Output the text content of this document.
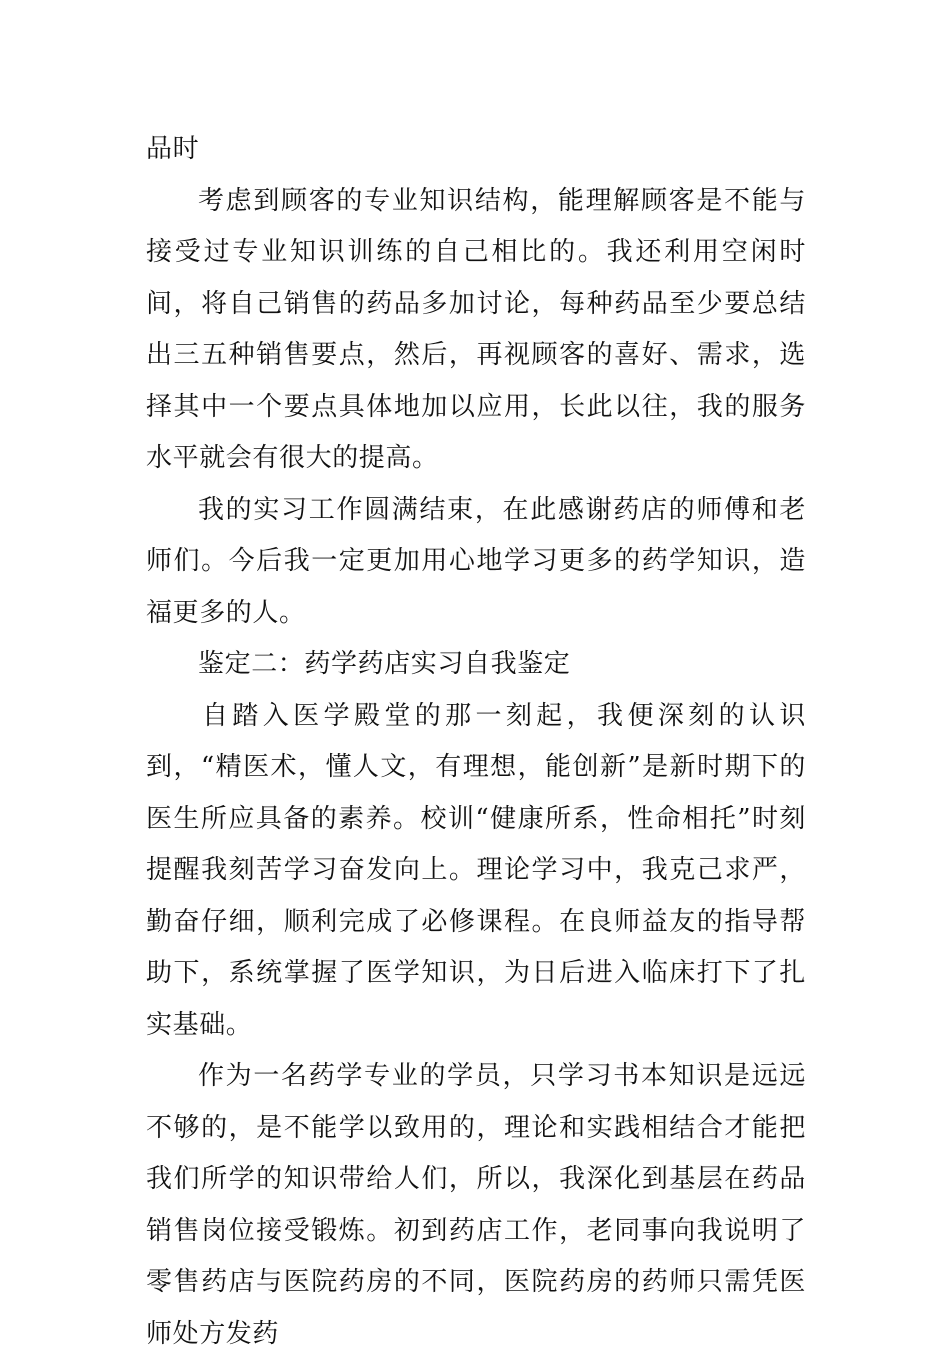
品时

考虑到顾客的专业知识结构，能理解顾客是不能与接受过专业知识训练的自己相比的。我还利用空闲时间，将自己销售的药品多加讨论，每种药品至少要总结出三五种销售要点，然后，再视顾客的喜好、需求，选择其中一个要点具体地加以应用，长此以往，我的服务水平就会有很大的提高。

我的实习工作圆满结束，在此感谢药店的师傅和老师们。今后我一定更加用心地学习更多的药学知识，造福更多的人。

鉴定二：药学药店实习自我鉴定

自踏入医学殿堂的那一刻起，我便深刻的认识到，“精医术，懂人文，有理想，能创新”是新时期下的医生所应具备的素养。校训“健康所系，性命相托”时刻提醒我刻苦学习奋发向上。理论学习中，我克己求严，勤奋仔细，顺利完成了必修课程。在良师益友的指导帮助下，系统掌握了医学知识，为日后进入临床打下了扎实基础。

作为一名药学专业的学员，只学习书本知识是远远不够的，是不能学以致用的，理论和实践相结合才能把我们所学的知识带给人们，所以，我深化到基层在药品销售岗位接受锻炼。初到药店工作，老同事向我说明了零售药店与医院药房的不同，医院药房的药师只需凭医师处方发药
